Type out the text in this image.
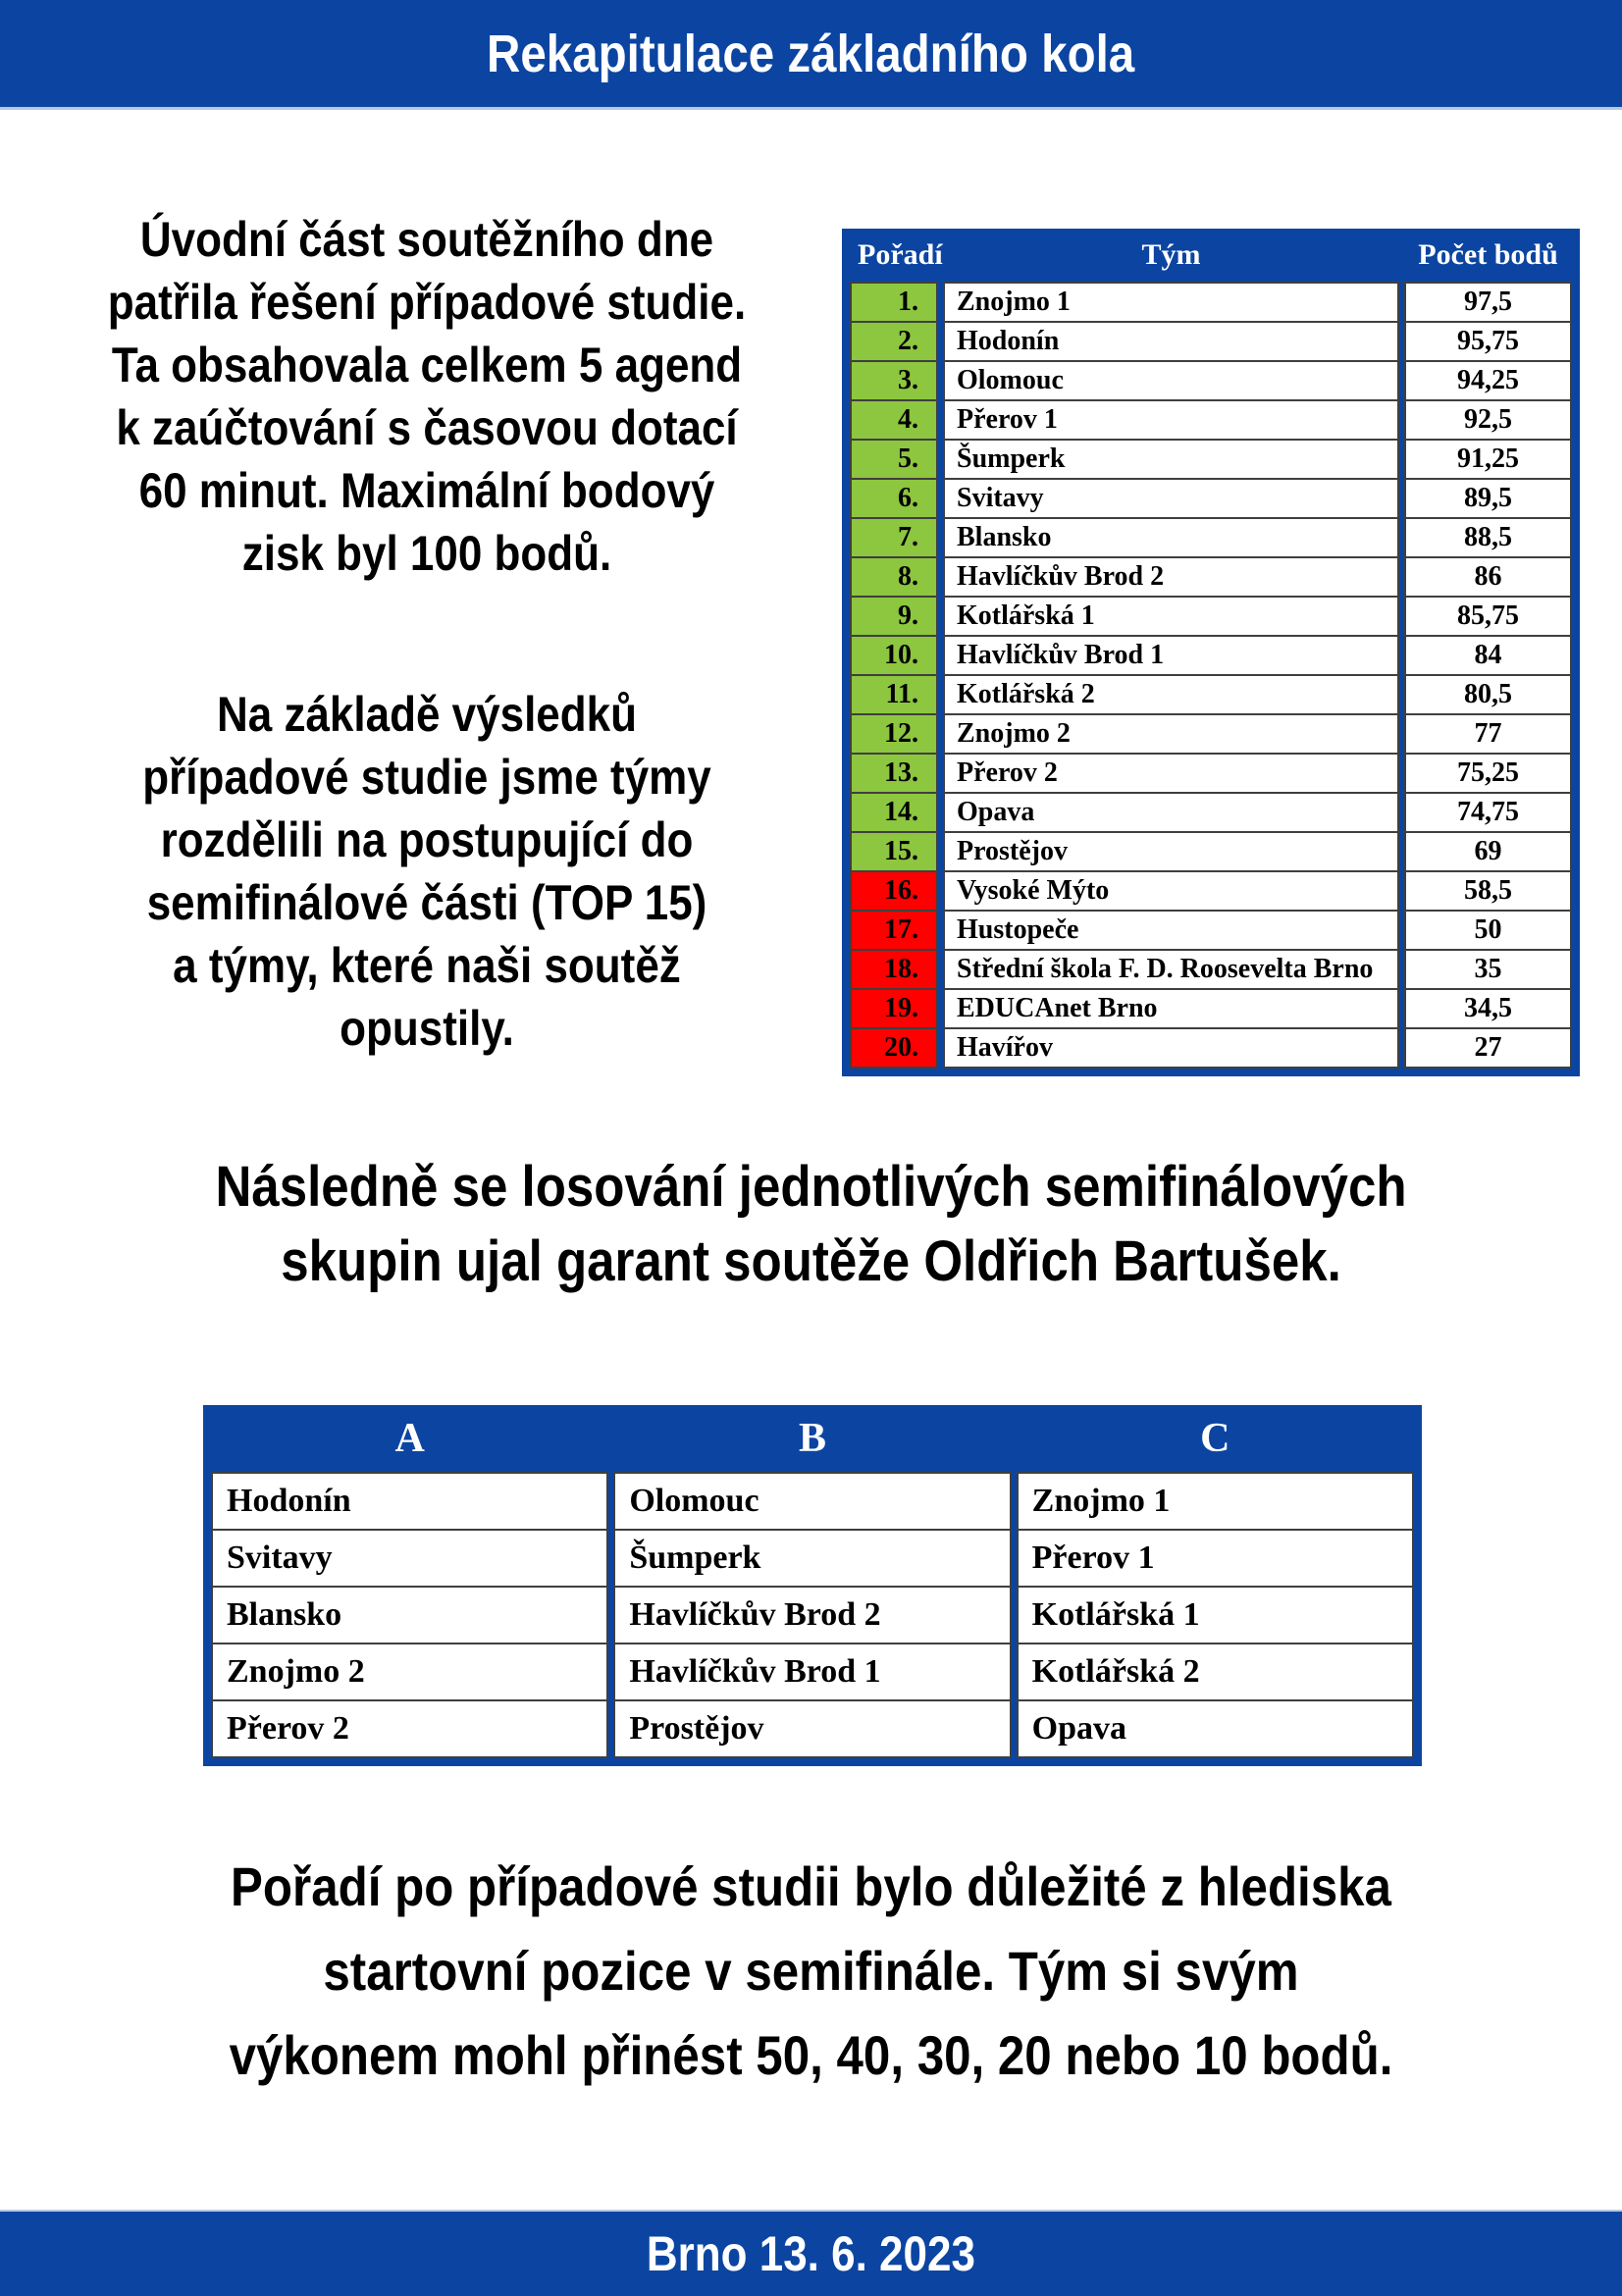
Rekapitulace základního kola
Úvodní část soutěžního dne
patřila řešení případové studie.
Ta obsahovala celkem 5 agend
k zaúčtování s časovou dotací
60 minut. Maximální bodový
zisk byl 100 bodů.
Na základě výsledků
případové studie jsme týmy
rozdělili na postupující do
semifinálové části (TOP 15)
a týmy, které naši soutěž
opustily.
Pořadí	Tým	Počet bodů
1.	Znojmo 1	97,5
2.	Hodonín	95,75
3.	Olomouc	94,25
4.	Přerov 1	92,5
5.	Šumperk	91,25
6.	Svitavy	89,5
7.	Blansko	88,5
8.	Havlíčkův Brod 2	86
9.	Kotlářská 1	85,75
10.	Havlíčkův Brod 1	84
11.	Kotlářská 2	80,5
12.	Znojmo 2	77
13.	Přerov 2	75,25
14.	Opava	74,75
15.	Prostějov	69
16.	Vysoké Mýto	58,5
17.	Hustopeče	50
18.	Střední škola F. D. Roosevelta Brno	35
19.	EDUCAnet Brno	34,5
20.	Havířov	27
Následně se losování jednotlivých semifinálových
skupin ujal garant soutěže Oldřich Bartušek.
A	B	C
Hodonín	Olomouc	Znojmo 1
Svitavy	Šumperk	Přerov 1
Blansko	Havlíčkův Brod 2	Kotlářská 1
Znojmo 2	Havlíčkův Brod 1	Kotlářská 2
Přerov 2	Prostějov	Opava
Pořadí po případové studii bylo důležité z hlediska
startovní pozice v semifinále. Tým si svým
výkonem mohl přinést 50, 40, 30, 20 nebo 10 bodů.
Brno 13. 6. 2023
